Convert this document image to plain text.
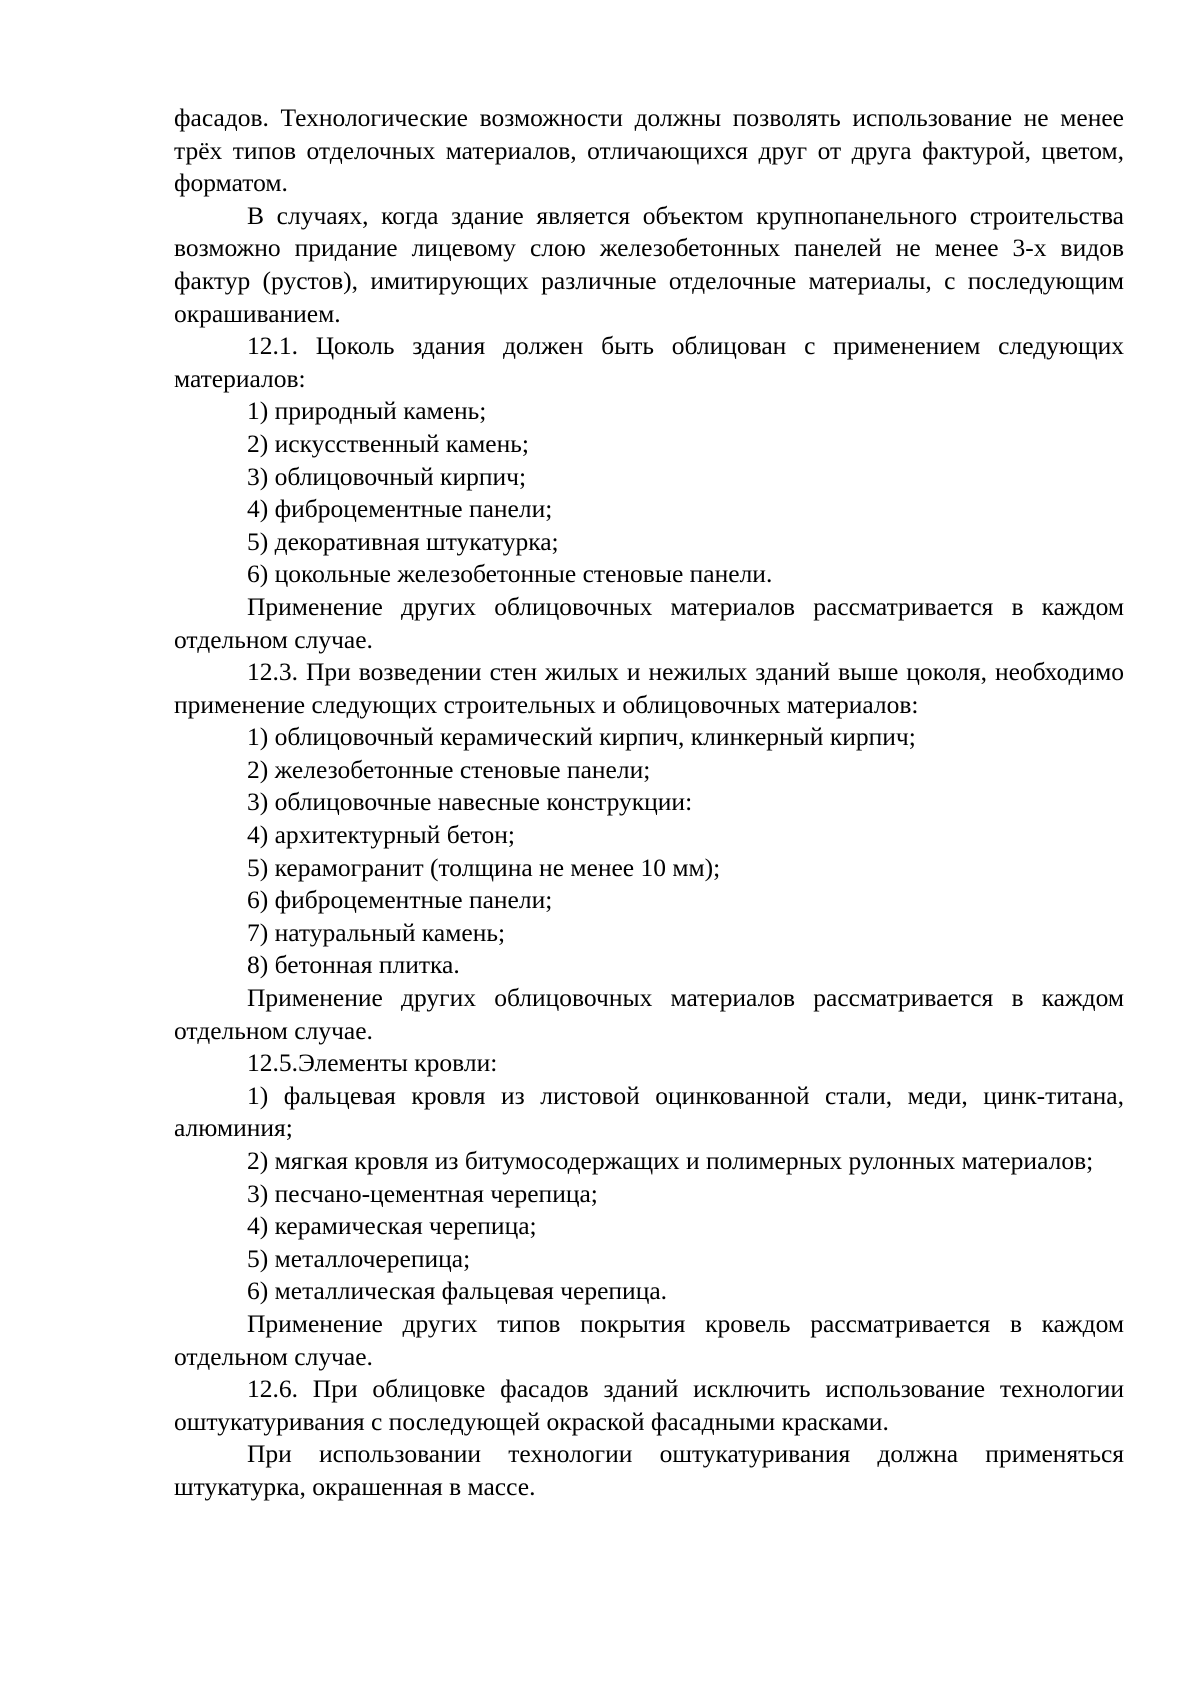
фасадов. Технологические возможности должны позволять использование не менее трёх типов отделочных материалов, отличающихся друг от друга фактурой, цветом, форматом.

В случаях, когда здание является объектом крупнопанельного строительства возможно придание лицевому слою железобетонных панелей не менее 3-х видов фактур (рустов), имитирующих различные отделочные материалы, с последующим окрашиванием.

12.1. Цоколь здания должен быть облицован с применением следующих материалов:

1) природный камень;

2) искусственный камень;

3) облицовочный кирпич;

4) фиброцементные панели;

5) декоративная штукатурка;

6) цокольные железобетонные стеновые панели.

Применение других облицовочных материалов рассматривается в каждом отдельном случае.

12.3. При возведении стен жилых и нежилых зданий выше цоколя, необходимо применение следующих строительных и облицовочных материалов:

1) облицовочный керамический кирпич, клинкерный кирпич;

2) железобетонные стеновые панели;

3) облицовочные навесные конструкции:

4) архитектурный бетон;

5) керамогранит (толщина не менее 10 мм);

6) фиброцементные панели;

7) натуральный камень;

8) бетонная плитка.

Применение других облицовочных материалов рассматривается в каждом отдельном случае.

12.5.Элементы кровли:

1) фальцевая кровля из листовой оцинкованной стали, меди, цинк-титана, алюминия;

2) мягкая кровля из битумосодержащих и полимерных рулонных материалов;

3) песчано-цементная черепица;

4) керамическая черепица;

5) металлочерепица;

6) металлическая фальцевая черепица.

Применение других типов покрытия кровель рассматривается в каждом отдельном случае.

12.6. При облицовке фасадов зданий исключить использование технологии оштукатуривания с последующей окраской фасадными красками.

При использовании технологии оштукатуривания должна применяться штукатурка, окрашенная в массе.
